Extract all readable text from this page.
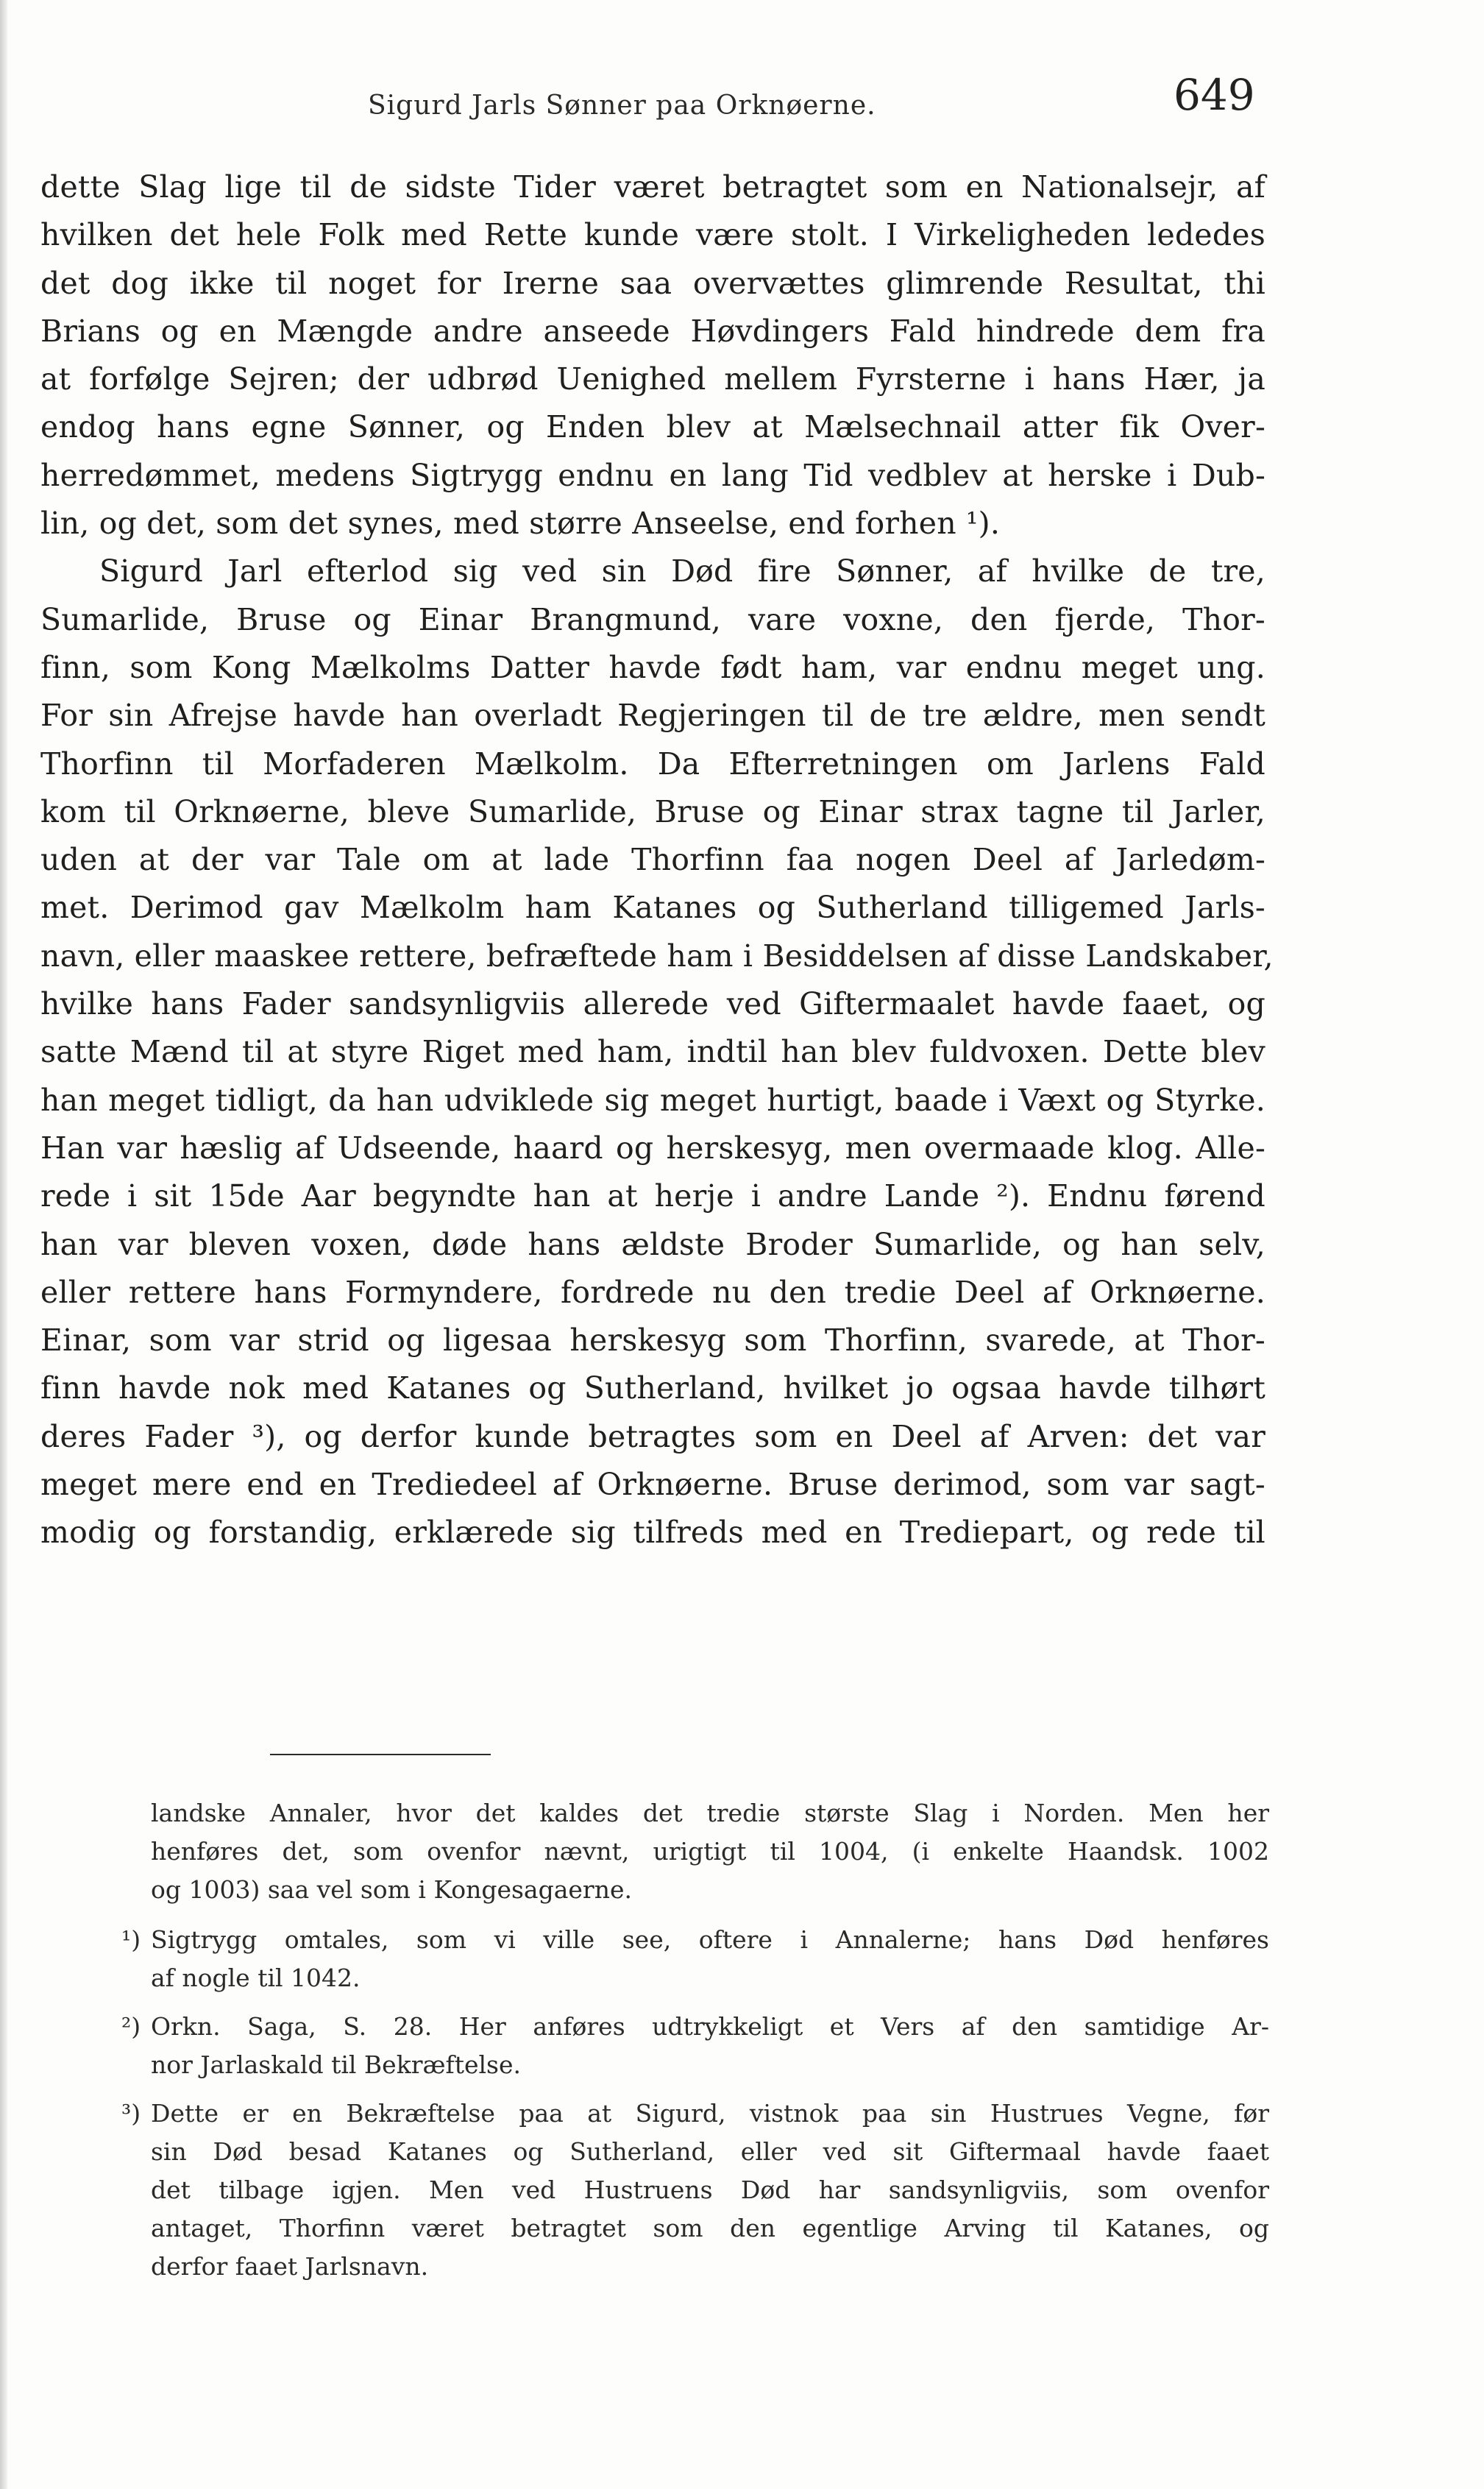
Sigurd Jarls Sønner paa Orknøerne.	649
dette Slag lige til de sidste Tider været betragtet som en Nationalsejr, af
hvilken det hele Folk med Rette kunde være stolt. I Virkeligheden lededes
det dog ikke til noget for Irerne saa overvættes glimrende Resultat, thi
Brians og en Mængde andre anseede Høvdingers Fald hindrede dem fra
at forfølge Sejren; der udbrød Uenighed mellem Fyrsterne i hans Hær, ja
endog hans egne Sønner, og Enden blev at Mælsechnail atter fik Over-
herredømmet, medens Sigtrygg endnu en lang Tid vedblev at herske i Dub-
lin, og det, som det synes, med større Anseelse, end forhen ¹).
Sigurd Jarl efterlod sig ved sin Død fire Sønner, af hvilke de tre,
Sumarlide, Bruse og Einar Brangmund, vare voxne, den fjerde, Thor-
finn, som Kong Mælkolms Datter havde født ham, var endnu meget ung.
For sin Afrejse havde han overladt Regjeringen til de tre ældre, men sendt
Thorfinn til Morfaderen Mælkolm. Da Efterretningen om Jarlens Fald
kom til Orknøerne, bleve Sumarlide, Bruse og Einar strax tagne til Jarler,
uden at der var Tale om at lade Thorfinn faa nogen Deel af Jarledøm-
met. Derimod gav Mælkolm ham Katanes og Sutherland tilligemed Jarls-
navn, eller maaskee rettere, befræftede ham i Besiddelsen af disse Landskaber,
hvilke hans Fader sandsynligviis allerede ved Giftermaalet havde faaet, og
satte Mænd til at styre Riget med ham, indtil han blev fuldvoxen. Dette blev
han meget tidligt, da han udviklede sig meget hurtigt, baade i Væxt og Styrke.
Han var hæslig af Udseende, haard og herskesyg, men overmaade klog. Alle-
rede i sit 15de Aar begyndte han at herje i andre Lande ²). Endnu førend
han var bleven voxen, døde hans ældste Broder Sumarlide, og han selv,
eller rettere hans Formyndere, fordrede nu den tredie Deel af Orknøerne.
Einar, som var strid og ligesaa herskesyg som Thorfinn, svarede, at Thor-
finn havde nok med Katanes og Sutherland, hvilket jo ogsaa havde tilhørt
deres Fader ³), og derfor kunde betragtes som en Deel af Arven: det var
meget mere end en Trediedeel af Orknøerne. Bruse derimod, som var sagt-
modig og forstandig, erklærede sig tilfreds med en Trediepart, og rede til
landske Annaler, hvor det kaldes det tredie største Slag i Norden. Men her
henføres det, som ovenfor nævnt, urigtigt til 1004, (i enkelte Haandsk. 1002
og 1003) saa vel som i Kongesagaerne.
¹) Sigtrygg omtales, som vi ville see, oftere i Annalerne; hans Død henføres
af nogle til 1042.
²) Orkn. Saga, S. 28. Her anføres udtrykkeligt et Vers af den samtidige Ar-
nor Jarlaskald til Bekræftelse.
³) Dette er en Bekræftelse paa at Sigurd, vistnok paa sin Hustrues Vegne, før
sin Død besad Katanes og Sutherland, eller ved sit Giftermaal havde faaet
det tilbage igjen. Men ved Hustruens Død har sandsynligviis, som ovenfor
antaget, Thorfinn været betragtet som den egentlige Arving til Katanes, og
derfor faaet Jarlsnavn.
